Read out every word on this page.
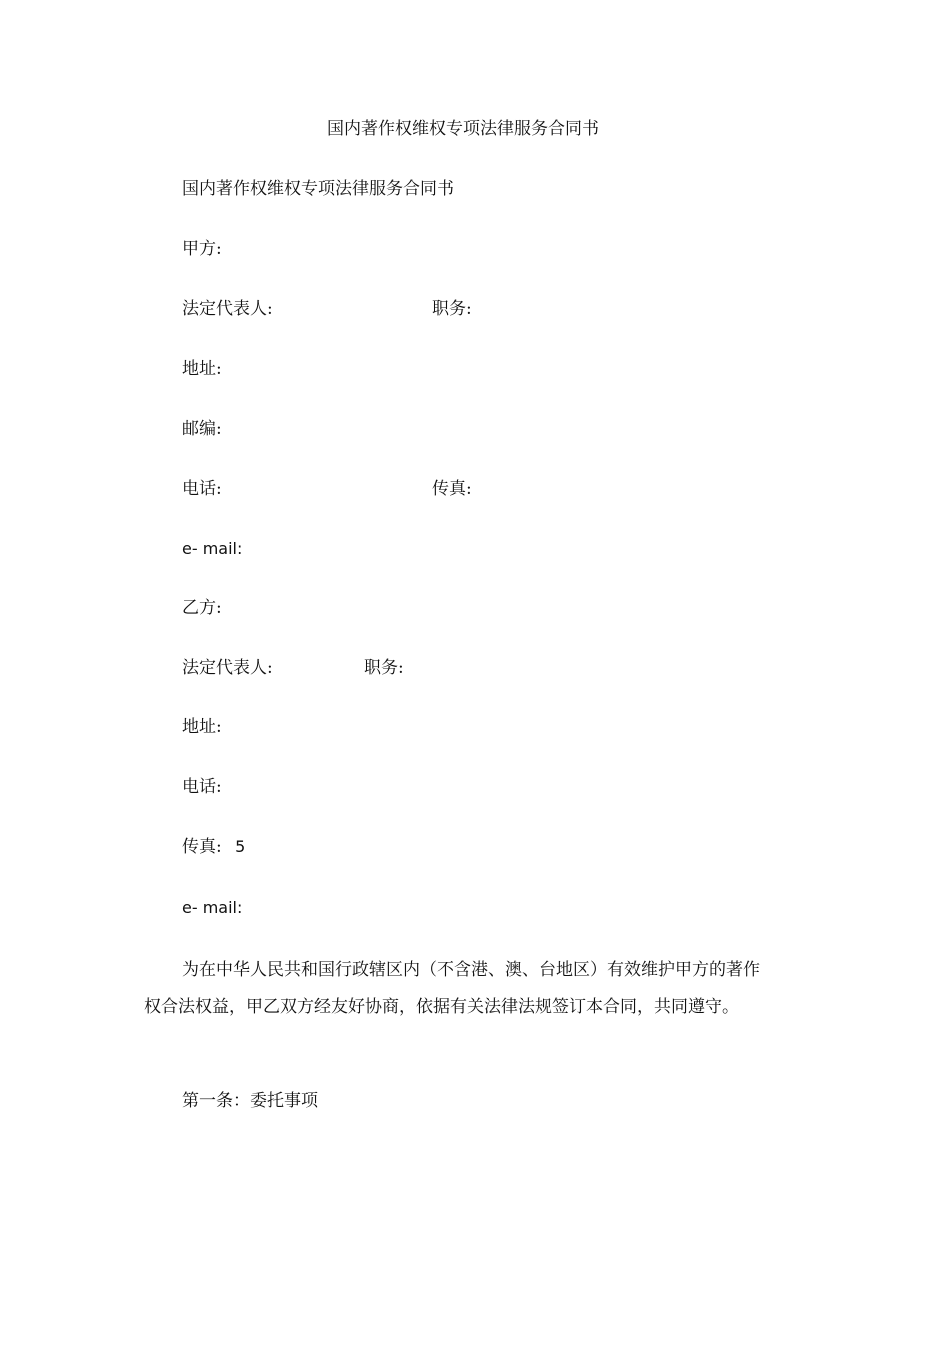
国内著作权维权专项法律服务合同书
国内著作权维权专项法律服务合同书
甲方:
法定代表人:	职务:
地址:
邮编:
电话:	传真:
e- mail:
乙方:
法定代表人:	职务:
地址:
电话:
传真: 5
e- mail:
为在中华人民共和国行政辖区内（不含港、澳、台地区）有效维护甲方的著作权合法权益，甲乙双方经友好协商，依据有关法律法规签订本合同，共同遵守。
第一条：委托事项
